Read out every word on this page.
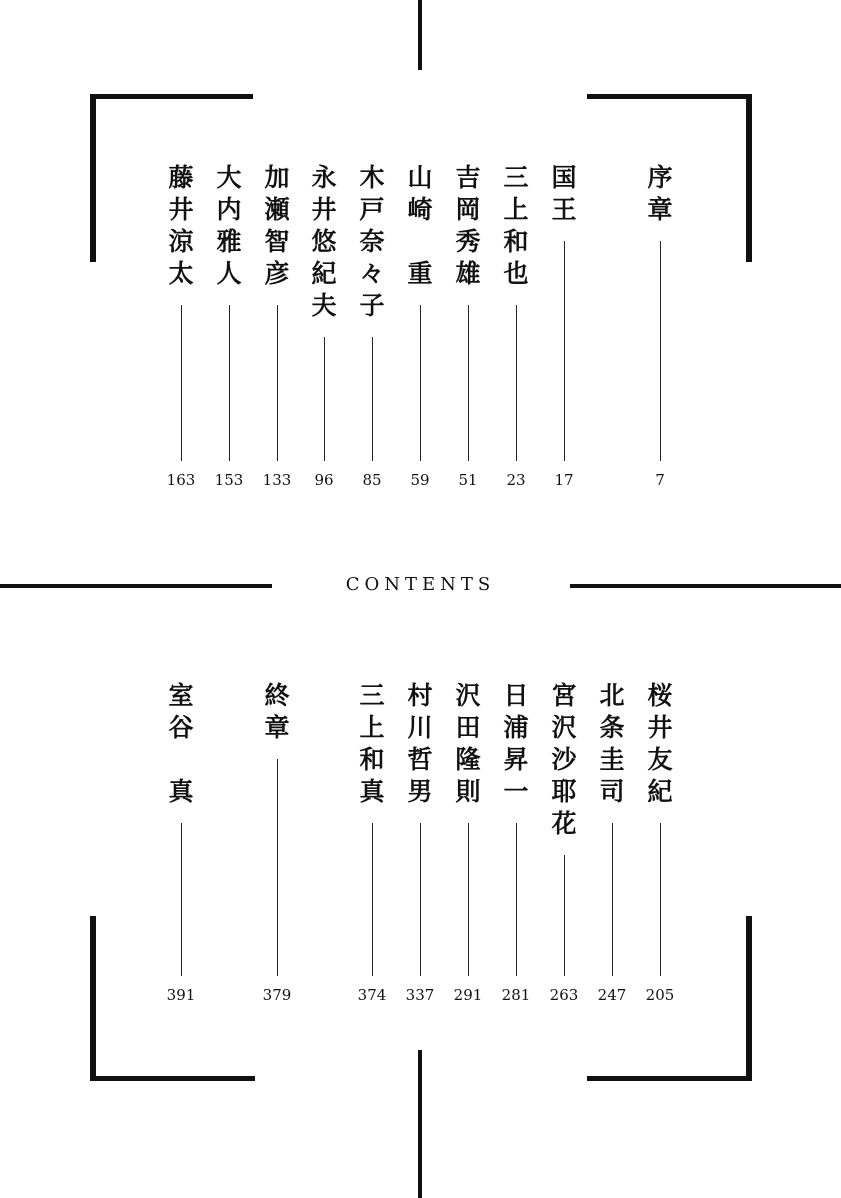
CONTENTS
序
章
7
国
王
17
三
上
和
也
23
吉
岡
秀
雄
51
山
崎

重
59
木
戸
奈
々
子
85
永
井
悠
紀
夫
96
加
瀬
智
彦
133
大
内
雅
人
153
藤
井
涼
太
163
桜
井
友
紀
205
北
条
圭
司
247
宮
沢
沙
耶
花
263
日
浦
昇
一
281
沢
田
隆
則
291
村
川
哲
男
337
三
上
和
真
374
終
章
379
室
谷

真
391
